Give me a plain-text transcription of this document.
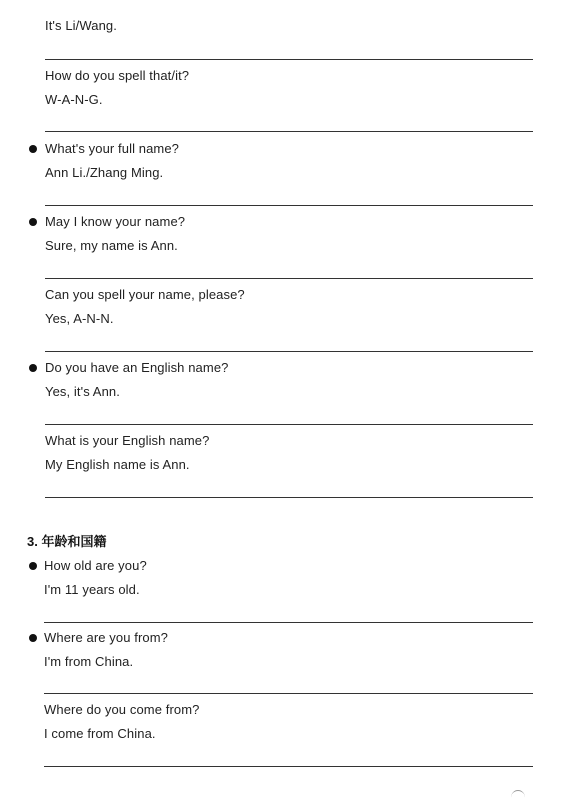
It's Li/Wang.
How do you spell that/it?
W-A-N-G.
What's your full name?
Ann Li./Zhang Ming.
May I know your name?
Sure, my name is Ann.
Can you spell your name, please?
Yes, A-N-N.
Do you have an English name?
Yes, it's Ann.
What is your English name?
My English name is Ann.
3. 年龄和国籍
How old are you?
I'm 11 years old.
Where are you from?
I'm from China.
Where do you come from?
I come from China.
